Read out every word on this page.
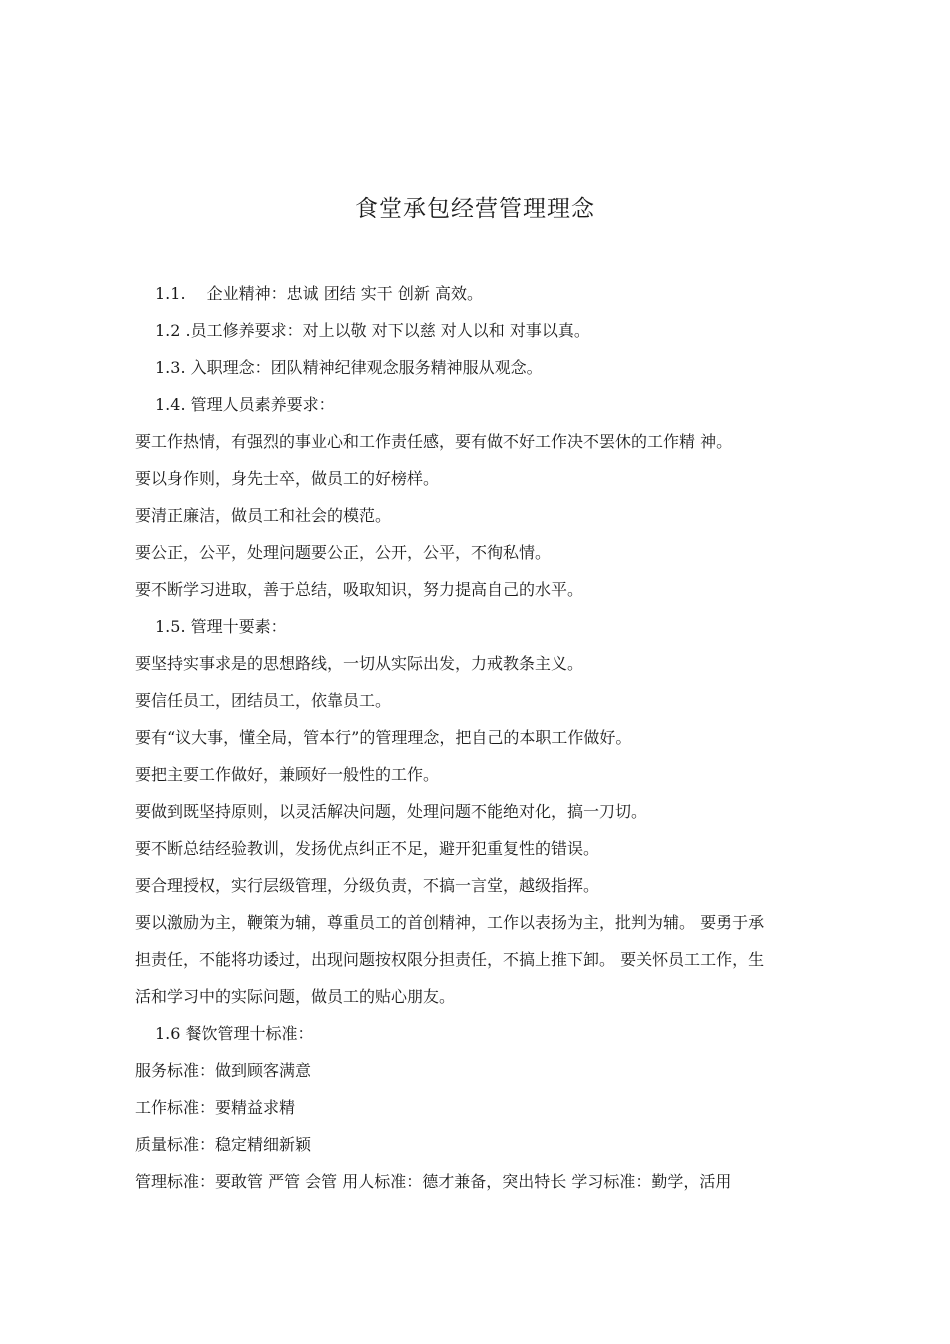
食堂承包经营管理理念

1.1.　 企业精神：忠诚 团结 实干 创新 高效。

1.2 .员工修养要求：对上以敬 对下以慈 对人以和 对事以真。

1.3. 入职理念：团队精神纪律观念服务精神服从观念。

1.4. 管理人员素养要求：

要工作热情，有强烈的事业心和工作责任感，要有做不好工作决不罢休的工作精 神。

要以身作则，身先士卒，做员工的好榜样。

要清正廉洁，做员工和社会的模范。

要公正，公平，处理问题要公正，公开，公平，不徇私情。

要不断学习进取，善于总结，吸取知识，努力提高自己的水平。

1.5. 管理十要素：

要坚持实事求是的思想路线，一切从实际出发，力戒教条主义。

要信任员工，团结员工，依靠员工。

要有“议大事，懂全局，管本行”的管理理念，把自己的本职工作做好。

要把主要工作做好，兼顾好一般性的工作。

要做到既坚持原则，以灵活解决问题，处理问题不能绝对化，搞一刀切。

要不断总结经验教训，发扬优点纠正不足，避开犯重复性的错误。

要合理授权，实行层级管理，分级负责，不搞一言堂，越级指挥。

要以激励为主，鞭策为辅，尊重员工的首创精神，工作以表扬为主，批判为辅。 要勇于承

担责任，不能将功诿过，出现问题按权限分担责任，不搞上推下卸。 要关怀员工工作，生

活和学习中的实际问题，做员工的贴心朋友。

1.6 餐饮管理十标准：

服务标准：做到顾客满意

工作标准：要精益求精

质量标准：稳定精细新颖

管理标准：要敢管 严管 会管 用人标准：德才兼备，突出特长 学习标准：勤学，活用
